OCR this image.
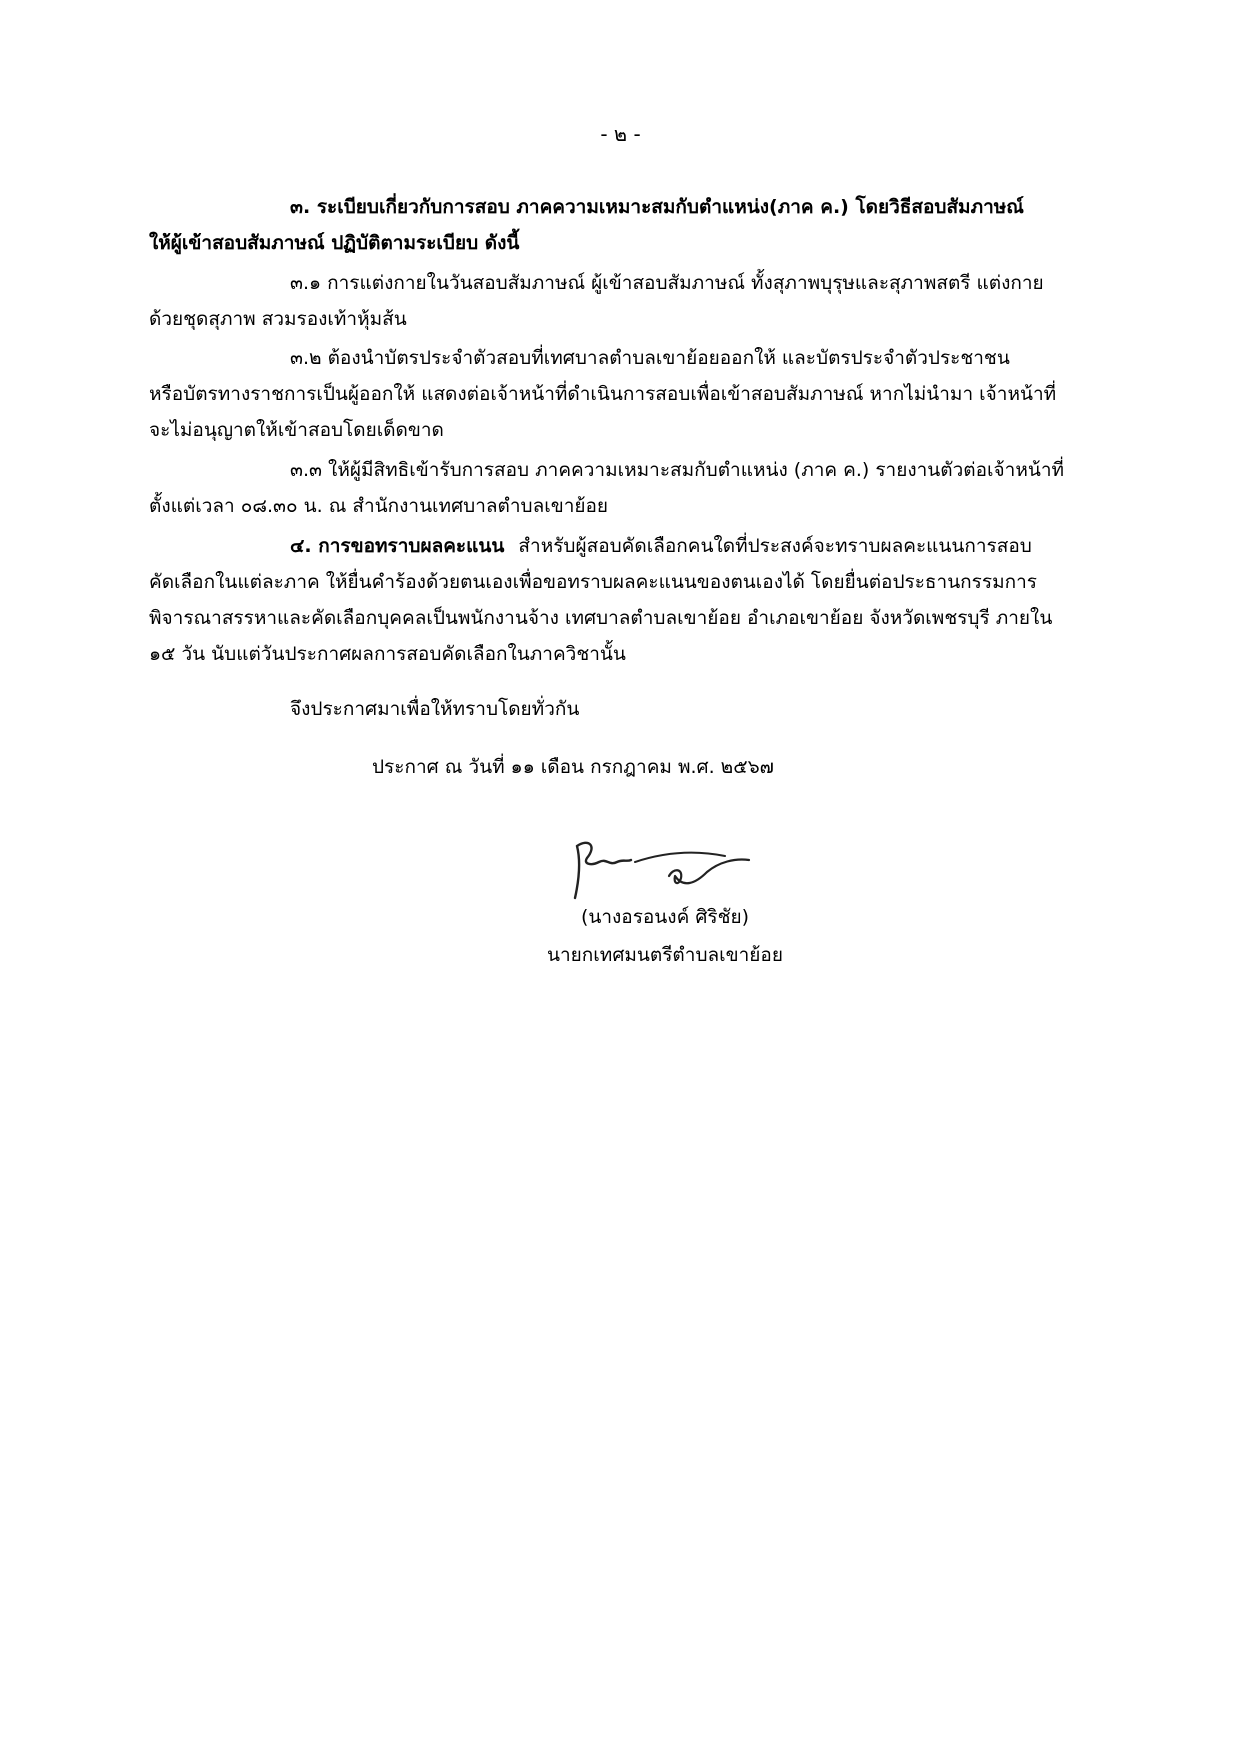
- ๒ -
๓. ระเบียบเกี่ยวกับการสอบ ภาคความเหมาะสมกับตำแหน่ง(ภาค ค.) โดยวิธีสอบสัมภาษณ์
ให้ผู้เข้าสอบสัมภาษณ์ ปฏิบัติตามระเบียบ ดังนี้
๓.๑ การแต่งกายในวันสอบสัมภาษณ์ ผู้เข้าสอบสัมภาษณ์ ทั้งสุภาพบุรุษและสุภาพสตรี แต่งกาย
ด้วยชุดสุภาพ สวมรองเท้าหุ้มส้น
๓.๒ ต้องนำบัตรประจำตัวสอบที่เทศบาลตำบลเขาย้อยออกให้ และบัตรประจำตัวประชาชน
หรือบัตรทางราชการเป็นผู้ออกให้ แสดงต่อเจ้าหน้าที่ดำเนินการสอบเพื่อเข้าสอบสัมภาษณ์ หากไม่นำมา เจ้าหน้าที่
จะไม่อนุญาตให้เข้าสอบโดยเด็ดขาด
๓.๓ ให้ผู้มีสิทธิเข้ารับการสอบ ภาคความเหมาะสมกับตำแหน่ง (ภาค ค.) รายงานตัวต่อเจ้าหน้าที่
ตั้งแต่เวลา ๐๘.๓๐ น. ณ สำนักงานเทศบาลตำบลเขาย้อย
๔. การขอทราบผลคะแนน สำหรับผู้สอบคัดเลือกคนใดที่ประสงค์จะทราบผลคะแนนการสอบ
คัดเลือกในแต่ละภาค ให้ยื่นคำร้องด้วยตนเองเพื่อขอทราบผลคะแนนของตนเองได้ โดยยื่นต่อประธานกรรมการ
พิจารณาสรรหาและคัดเลือกบุคคลเป็นพนักงานจ้าง เทศบาลตำบลเขาย้อย อำเภอเขาย้อย จังหวัดเพชรบุรี ภายใน
๑๕ วัน นับแต่วันประกาศผลการสอบคัดเลือกในภาควิชานั้น
จึงประกาศมาเพื่อให้ทราบโดยทั่วกัน
ประกาศ ณ วันที่ ๑๑ เดือน กรกฎาคม พ.ศ. ๒๕๖๗
(นางอรอนงค์ ศิริชัย)
นายกเทศมนตรีตำบลเขาย้อย
